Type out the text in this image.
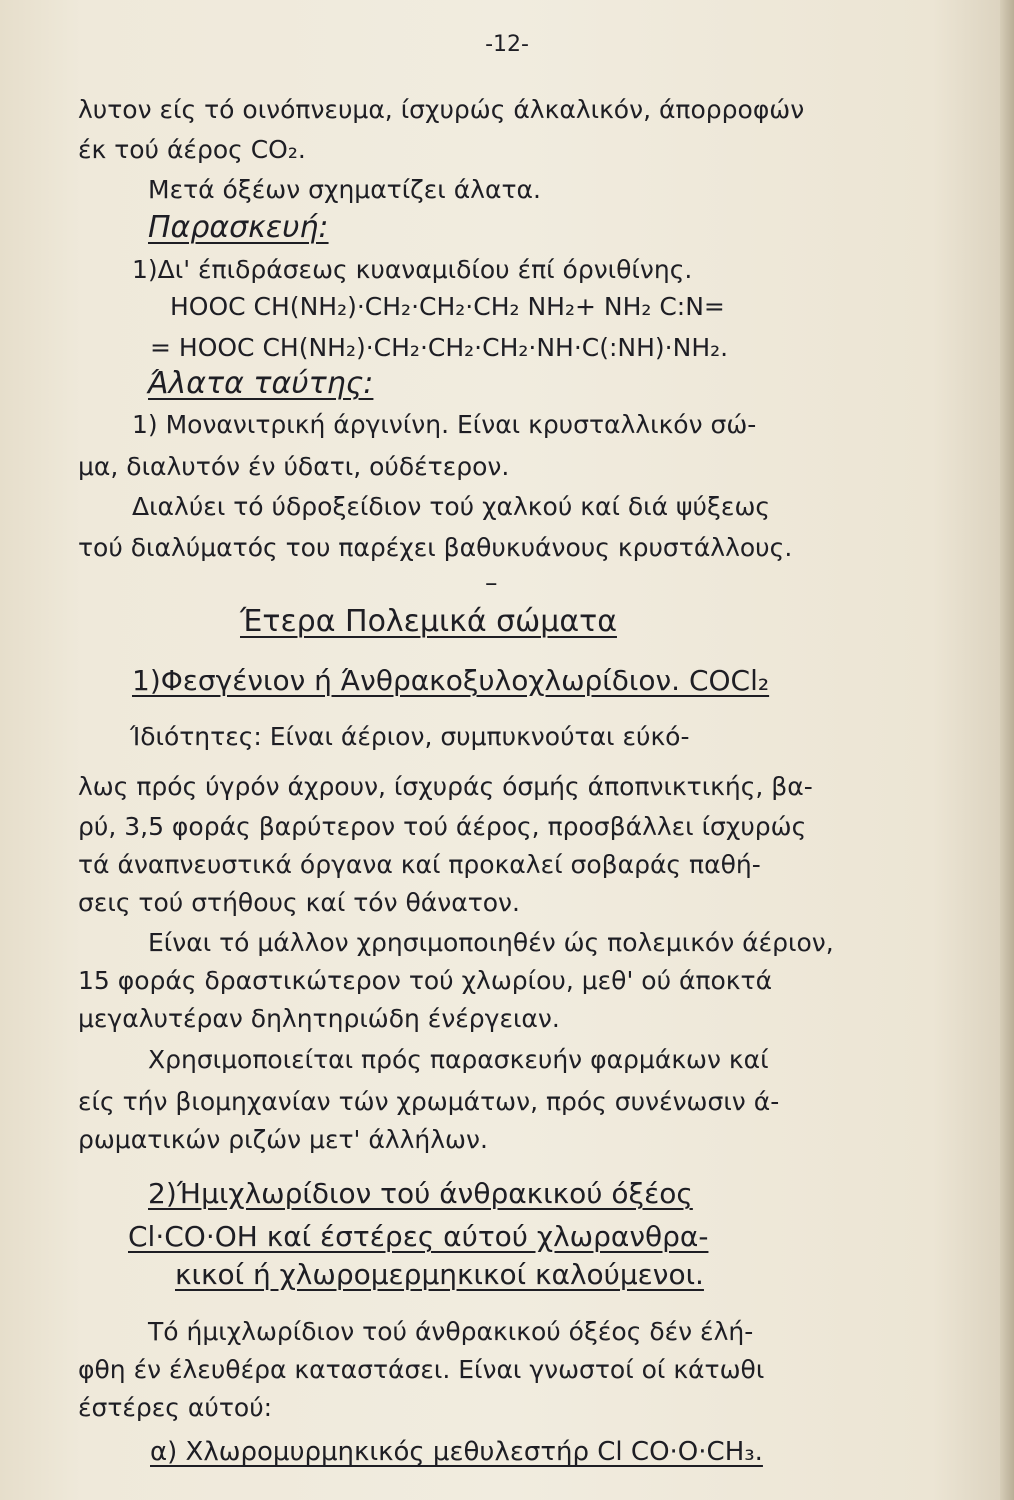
-12-
λυτον είς τό οινόπνευμα, ίσχυρώς άλκαλικόν, άπορροφών
έκ τού άέρος CO₂.
Μετά όξέων σχηματίζει άλατα.
Παρασκευή:
1)Δι' έπιδράσεως κυαναμιδίου έπί όρνιθίνης.
HOOC CH(NH₂)·CH₂·CH₂·CH₂ NH₂+ NH₂ C:N=
= HOOC CH(NH₂)·CH₂·CH₂·CH₂·NH·C(:NH)·NH₂.
Άλατα ταύτης:
1) Μονανιτρική άργινίνη. Είναι κρυσταλλικόν σώ-
μα, διαλυτόν έν ύδατι, ούδέτερον.
Διαλύει τό ύδροξείδιον τού χαλκού καί διά ψύξεως
τού διαλύματός του παρέχει βαθυκυάνους κρυστάλλους.
–
Έτερα Πολεμικά σώματα
1)Φεσγένιον ή Άνθρακοξυλοχλωρίδιον. COCl₂
Ίδιότητες: Είναι άέριον, συμπυκνούται εύκό-
λως πρός ύγρόν άχρουν, ίσχυράς όσμής άποπνικτικής, βα-
ρύ, 3,5 φοράς βαρύτερον τού άέρος, προσβάλλει ίσχυρώς
τά άναπνευστικά όργανα καί προκαλεί σοβαράς παθή-
σεις τού στήθους καί τόν θάνατον.
Είναι τό μάλλον χρησιμοποιηθέν ώς πολεμικόν άέριον,
15 φοράς δραστικώτερον τού χλωρίου, μεθ' ού άποκτά
μεγαλυτέραν δηλητηριώδη ένέργειαν.
Χρησιμοποιείται πρός παρασκευήν φαρμάκων καί
είς τήν βιομηχανίαν τών χρωμάτων, πρός συνένωσιν ά-
ρωματικών ριζών μετ' άλλήλων.
2)Ήμιχλωρίδιον τού άνθρακικού όξέος
Cl·CO·OH καί έστέρες αύτού χλωρανθρα-
κικοί ή χλωρομερμηκικοί καλούμενοι.
Τό ήμιχλωρίδιον τού άνθρακικού όξέος δέν έλή-
φθη έν έλευθέρα καταστάσει. Είναι γνωστοί οί κάτωθι
έστέρες αύτού:
α) Χλωρομυρμηκικός μεθυλεστήρ Cl CO·O·CH₃.
